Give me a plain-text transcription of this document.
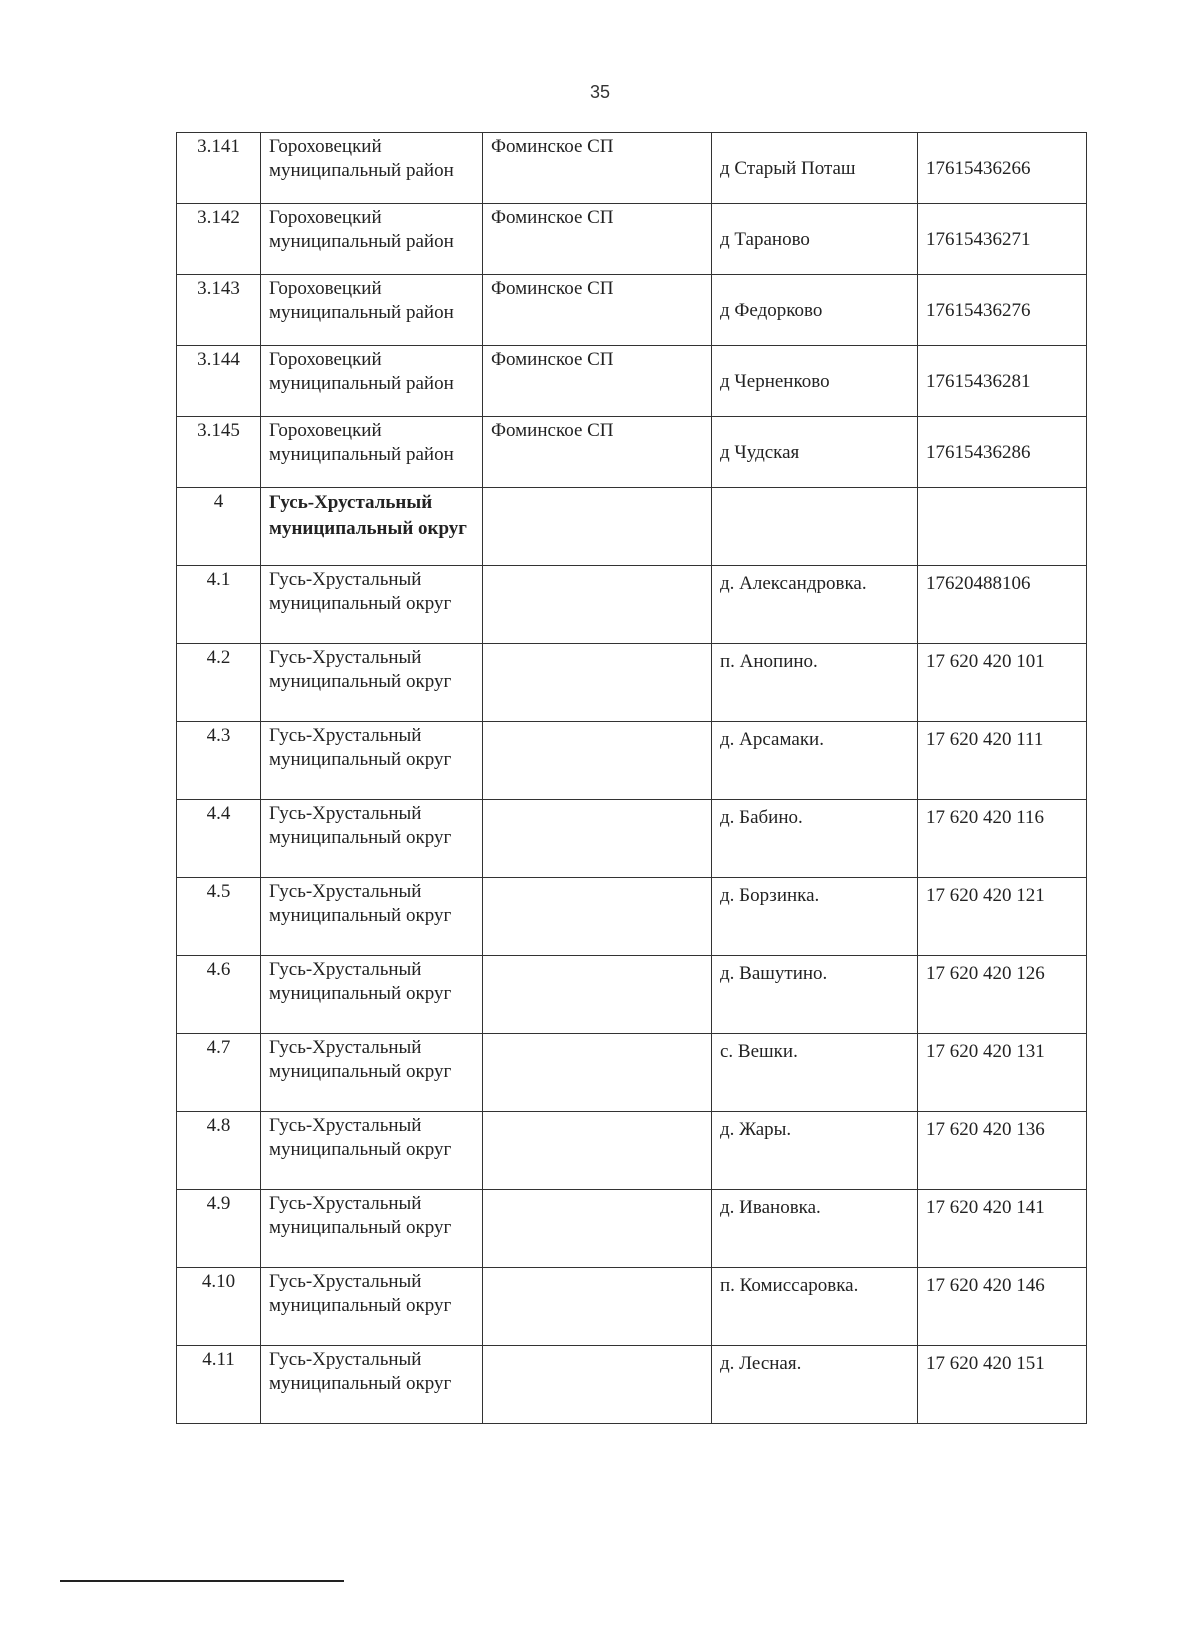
35
3.141	Гороховецкий муниципальный район	Фоминское СП	д Старый Поташ	17615436266
3.142	Гороховецкий муниципальный район	Фоминское СП	д Тараново	17615436271
3.143	Гороховецкий муниципальный район	Фоминское СП	д Федорково	17615436276
3.144	Гороховецкий муниципальный район	Фоминское СП	д Черненково	17615436281
3.145	Гороховецкий муниципальный район	Фоминское СП	д Чудская	17615436286
4	Гусь-Хрустальный муниципальный округ			
4.1	Гусь-Хрустальный муниципальный округ		д. Александровка.	17620488106
4.2	Гусь-Хрустальный муниципальный округ		п. Анопино.	17 620 420 101
4.3	Гусь-Хрустальный муниципальный округ		д. Арсамаки.	17 620 420 111
4.4	Гусь-Хрустальный муниципальный округ		д. Бабино.	17 620 420 116
4.5	Гусь-Хрустальный муниципальный округ		д. Борзинка.	17 620 420 121
4.6	Гусь-Хрустальный муниципальный округ		д. Вашутино.	17 620 420 126
4.7	Гусь-Хрустальный муниципальный округ		с. Вешки.	17 620 420 131
4.8	Гусь-Хрустальный муниципальный округ		д. Жары.	17 620 420 136
4.9	Гусь-Хрустальный муниципальный округ		д. Ивановка.	17 620 420 141
4.10	Гусь-Хрустальный муниципальный округ		п. Комиссаровка.	17 620 420 146
4.11	Гусь-Хрустальный муниципальный округ		д. Лесная.	17 620 420 151
